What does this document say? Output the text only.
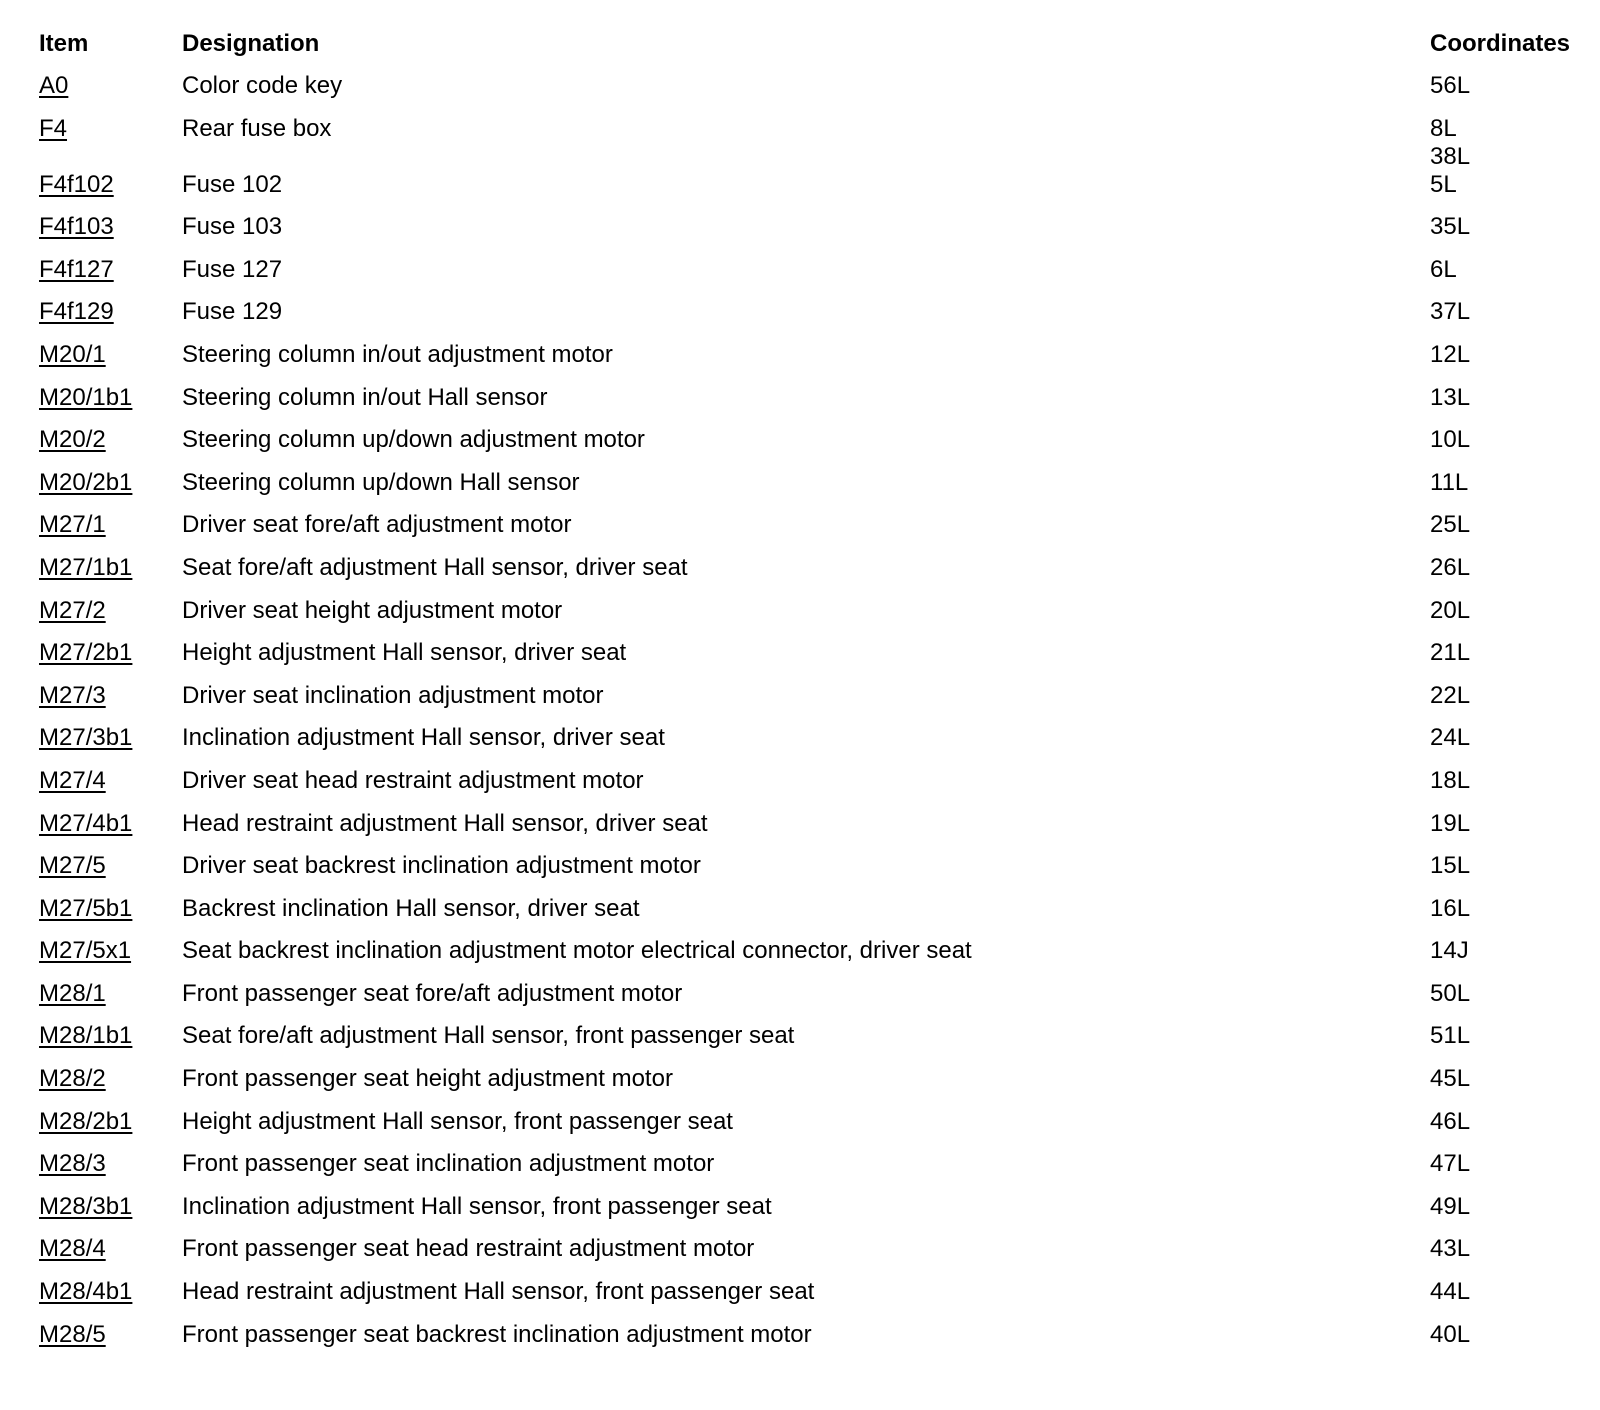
Item	Designation	Coordinates
A0	Color code key	56L
F4	Rear fuse box	8L
38L
F4f102	Fuse 102	5L
F4f103	Fuse 103	35L
F4f127	Fuse 127	6L
F4f129	Fuse 129	37L
M20/1	Steering column in/out adjustment motor	12L
M20/1b1	Steering column in/out Hall sensor	13L
M20/2	Steering column up/down adjustment motor	10L
M20/2b1	Steering column up/down Hall sensor	11L
M27/1	Driver seat fore/aft adjustment motor	25L
M27/1b1	Seat fore/aft adjustment Hall sensor, driver seat	26L
M27/2	Driver seat height adjustment motor	20L
M27/2b1	Height adjustment Hall sensor, driver seat	21L
M27/3	Driver seat inclination adjustment motor	22L
M27/3b1	Inclination adjustment Hall sensor, driver seat	24L
M27/4	Driver seat head restraint adjustment motor	18L
M27/4b1	Head restraint adjustment Hall sensor, driver seat	19L
M27/5	Driver seat backrest inclination adjustment motor	15L
M27/5b1	Backrest inclination Hall sensor, driver seat	16L
M27/5x1	Seat backrest inclination adjustment motor electrical connector, driver seat	14J
M28/1	Front passenger seat fore/aft adjustment motor	50L
M28/1b1	Seat fore/aft adjustment Hall sensor, front passenger seat	51L
M28/2	Front passenger seat height adjustment motor	45L
M28/2b1	Height adjustment Hall sensor, front passenger seat	46L
M28/3	Front passenger seat inclination adjustment motor	47L
M28/3b1	Inclination adjustment Hall sensor, front passenger seat	49L
M28/4	Front passenger seat head restraint adjustment motor	43L
M28/4b1	Head restraint adjustment Hall sensor, front passenger seat	44L
M28/5	Front passenger seat backrest inclination adjustment motor	40L
